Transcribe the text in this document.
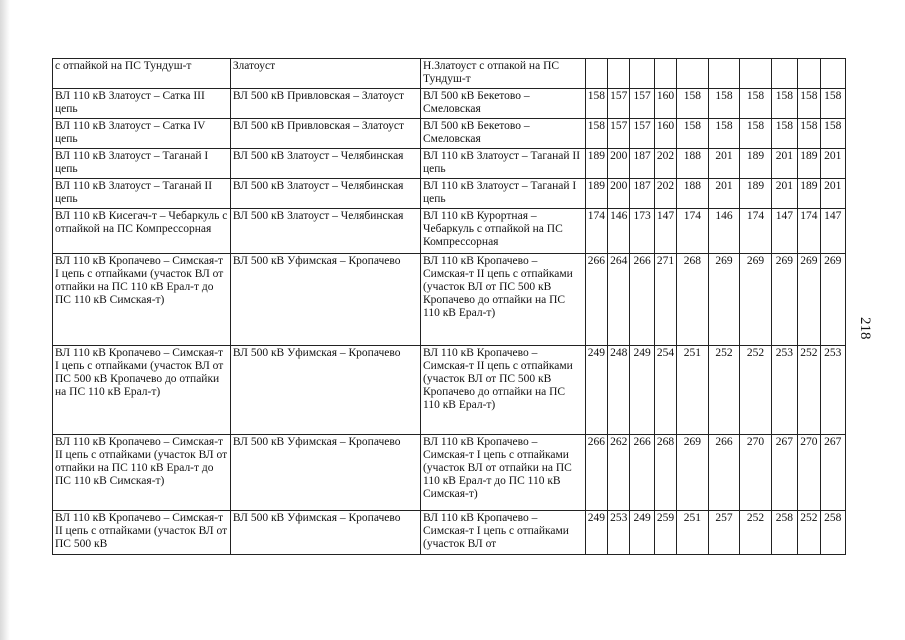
с отпайкой на ПС Тундуш-т	Златоуст	Н.Златоуст с отпакой на ПС Тундуш-т										
ВЛ 110 кВ Златоуст – Сатка III цепь	ВЛ 500 кВ Привловская – Златоуст	ВЛ 500 кВ Бекетово – Смеловская	158	157	157	160	158	158	158	158	158	158
ВЛ 110 кВ Златоуст – Сатка IV цепь	ВЛ 500 кВ Привловская – Златоуст	ВЛ 500 кВ Бекетово – Смеловская	158	157	157	160	158	158	158	158	158	158
ВЛ 110 кВ Златоуст – Таганай I цепь	ВЛ 500 кВ Златоуст – Челябинская	ВЛ 110 кВ Златоуст – Таганай II цепь	189	200	187	202	188	201	189	201	189	201
ВЛ 110 кВ Златоуст – Таганай II цепь	ВЛ 500 кВ Златоуст – Челябинская	ВЛ 110 кВ Златоуст – Таганай I цепь	189	200	187	202	188	201	189	201	189	201
ВЛ 110 кВ Кисегач-т – Чебаркуль с отпайкой на ПС Компрессорная	ВЛ 500 кВ Златоуст – Челябинская	ВЛ 110 кВ Курортная – Чебаркуль с отпайкой на ПС Компрессорная	174	146	173	147	174	146	174	147	174	147
ВЛ 110 кВ Кропачево – Симская-т I цепь с отпайками (участок ВЛ от отпайки на ПС 110 кВ Ерал-т до ПС 110 кВ Симская-т)	ВЛ 500 кВ Уфимская – Кропачево	ВЛ 110 кВ Кропачево – Симская-т II цепь с отпайками (участок ВЛ от ПС 500 кВ Кропачево до отпайки на ПС 110 кВ Ерал-т)	266	264	266	271	268	269	269	269	269	269
ВЛ 110 кВ Кропачево – Симская-т I цепь с отпайками (участок ВЛ от ПС 500 кВ Кропачево до отпайки на ПС 110 кВ Ерал-т)	ВЛ 500 кВ Уфимская – Кропачево	ВЛ 110 кВ Кропачево – Симская-т II цепь с отпайками (участок ВЛ от ПС 500 кВ Кропачево до отпайки на ПС 110 кВ Ерал-т)	249	248	249	254	251	252	252	253	252	253
ВЛ 110 кВ Кропачево – Симская-т II цепь с отпайками (участок ВЛ от отпайки на ПС 110 кВ Ерал-т до ПС 110 кВ Симская-т)	ВЛ 500 кВ Уфимская – Кропачево	ВЛ 110 кВ Кропачево – Симская-т I цепь с отпайками (участок ВЛ от отпайки на ПС 110 кВ Ерал-т до ПС 110 кВ Симская-т)	266	262	266	268	269	266	270	267	270	267
ВЛ 110 кВ Кропачево – Симская-т II цепь с отпайками (участок ВЛ от ПС 500 кВ	ВЛ 500 кВ Уфимская – Кропачево	ВЛ 110 кВ Кропачево – Симская-т I цепь с отпайками (участок ВЛ от	249	253	249	259	251	257	252	258	252	258
218
